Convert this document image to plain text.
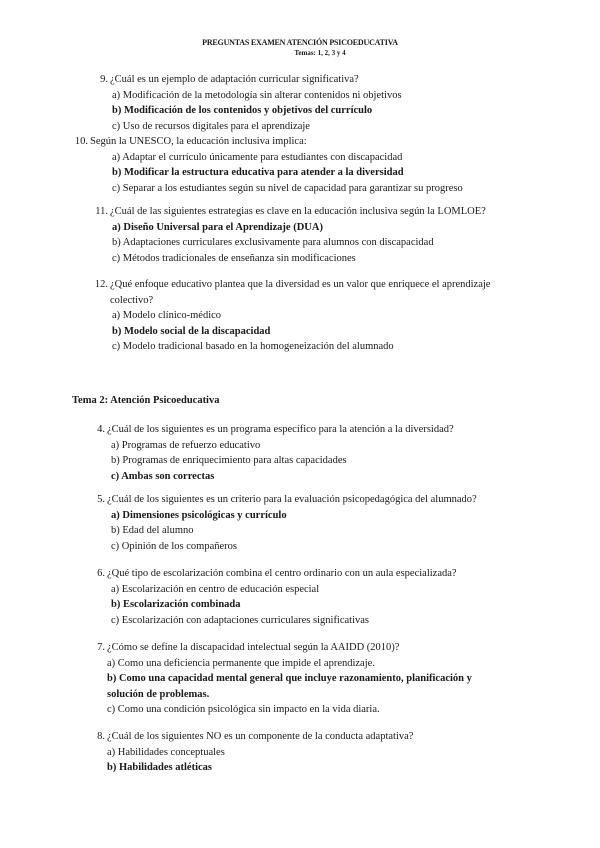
PREGUNTAS EXAMEN ATENCIÓN PSICOEDUCATIVA
Temas: 1, 2, 3 y 4
9. ¿Cuál es un ejemplo de adaptación curricular significativa?
a) Modificación de la metodología sin alterar contenidos ni objetivos
b) Modificación de los contenidos y objetivos del currículo
c) Uso de recursos digitales para el aprendizaje
10. Según la UNESCO, la educación inclusiva implica:
a) Adaptar el currículo únicamente para estudiantes con discapacidad
b) Modificar la estructura educativa para atender a la diversidad
c) Separar a los estudiantes según su nivel de capacidad para garantizar su progreso
11. ¿Cuál de las siguientes estrategias es clave en la educación inclusiva según la LOMLOE?
a) Diseño Universal para el Aprendizaje (DUA)
b) Adaptaciones curriculares exclusivamente para alumnos con discapacidad
c) Métodos tradicionales de enseñanza sin modificaciones
12. ¿Qué enfoque educativo plantea que la diversidad es un valor que enriquece el aprendizaje colectivo?
a) Modelo clínico-médico
b) Modelo social de la discapacidad
c) Modelo tradicional basado en la homogeneización del alumnado
Tema 2: Atención Psicoeducativa
4. ¿Cuál de los siguientes es un programa específico para la atención a la diversidad?
a) Programas de refuerzo educativo
b) Programas de enriquecimiento para altas capacidades
c) Ambas son correctas
5. ¿Cuál de los siguientes es un criterio para la evaluación psicopedagógica del alumnado?
a) Dimensiones psicológicas y currículo
b) Edad del alumno
c) Opinión de los compañeros
6. ¿Qué tipo de escolarización combina el centro ordinario con un aula especializada?
a) Escolarización en centro de educación especial
b) Escolarización combinada
c) Escolarización con adaptaciones curriculares significativas
7. ¿Cómo se define la discapacidad intelectual según la AAIDD (2010)?
a) Como una deficiencia permanente que impide el aprendizaje.
b) Como una capacidad mental general que incluye razonamiento, planificación y solución de problemas.
c) Como una condición psicológica sin impacto en la vida diaria.
8. ¿Cuál de los siguientes NO es un componente de la conducta adaptativa?
a) Habilidades conceptuales
b) Habilidades atléticas
